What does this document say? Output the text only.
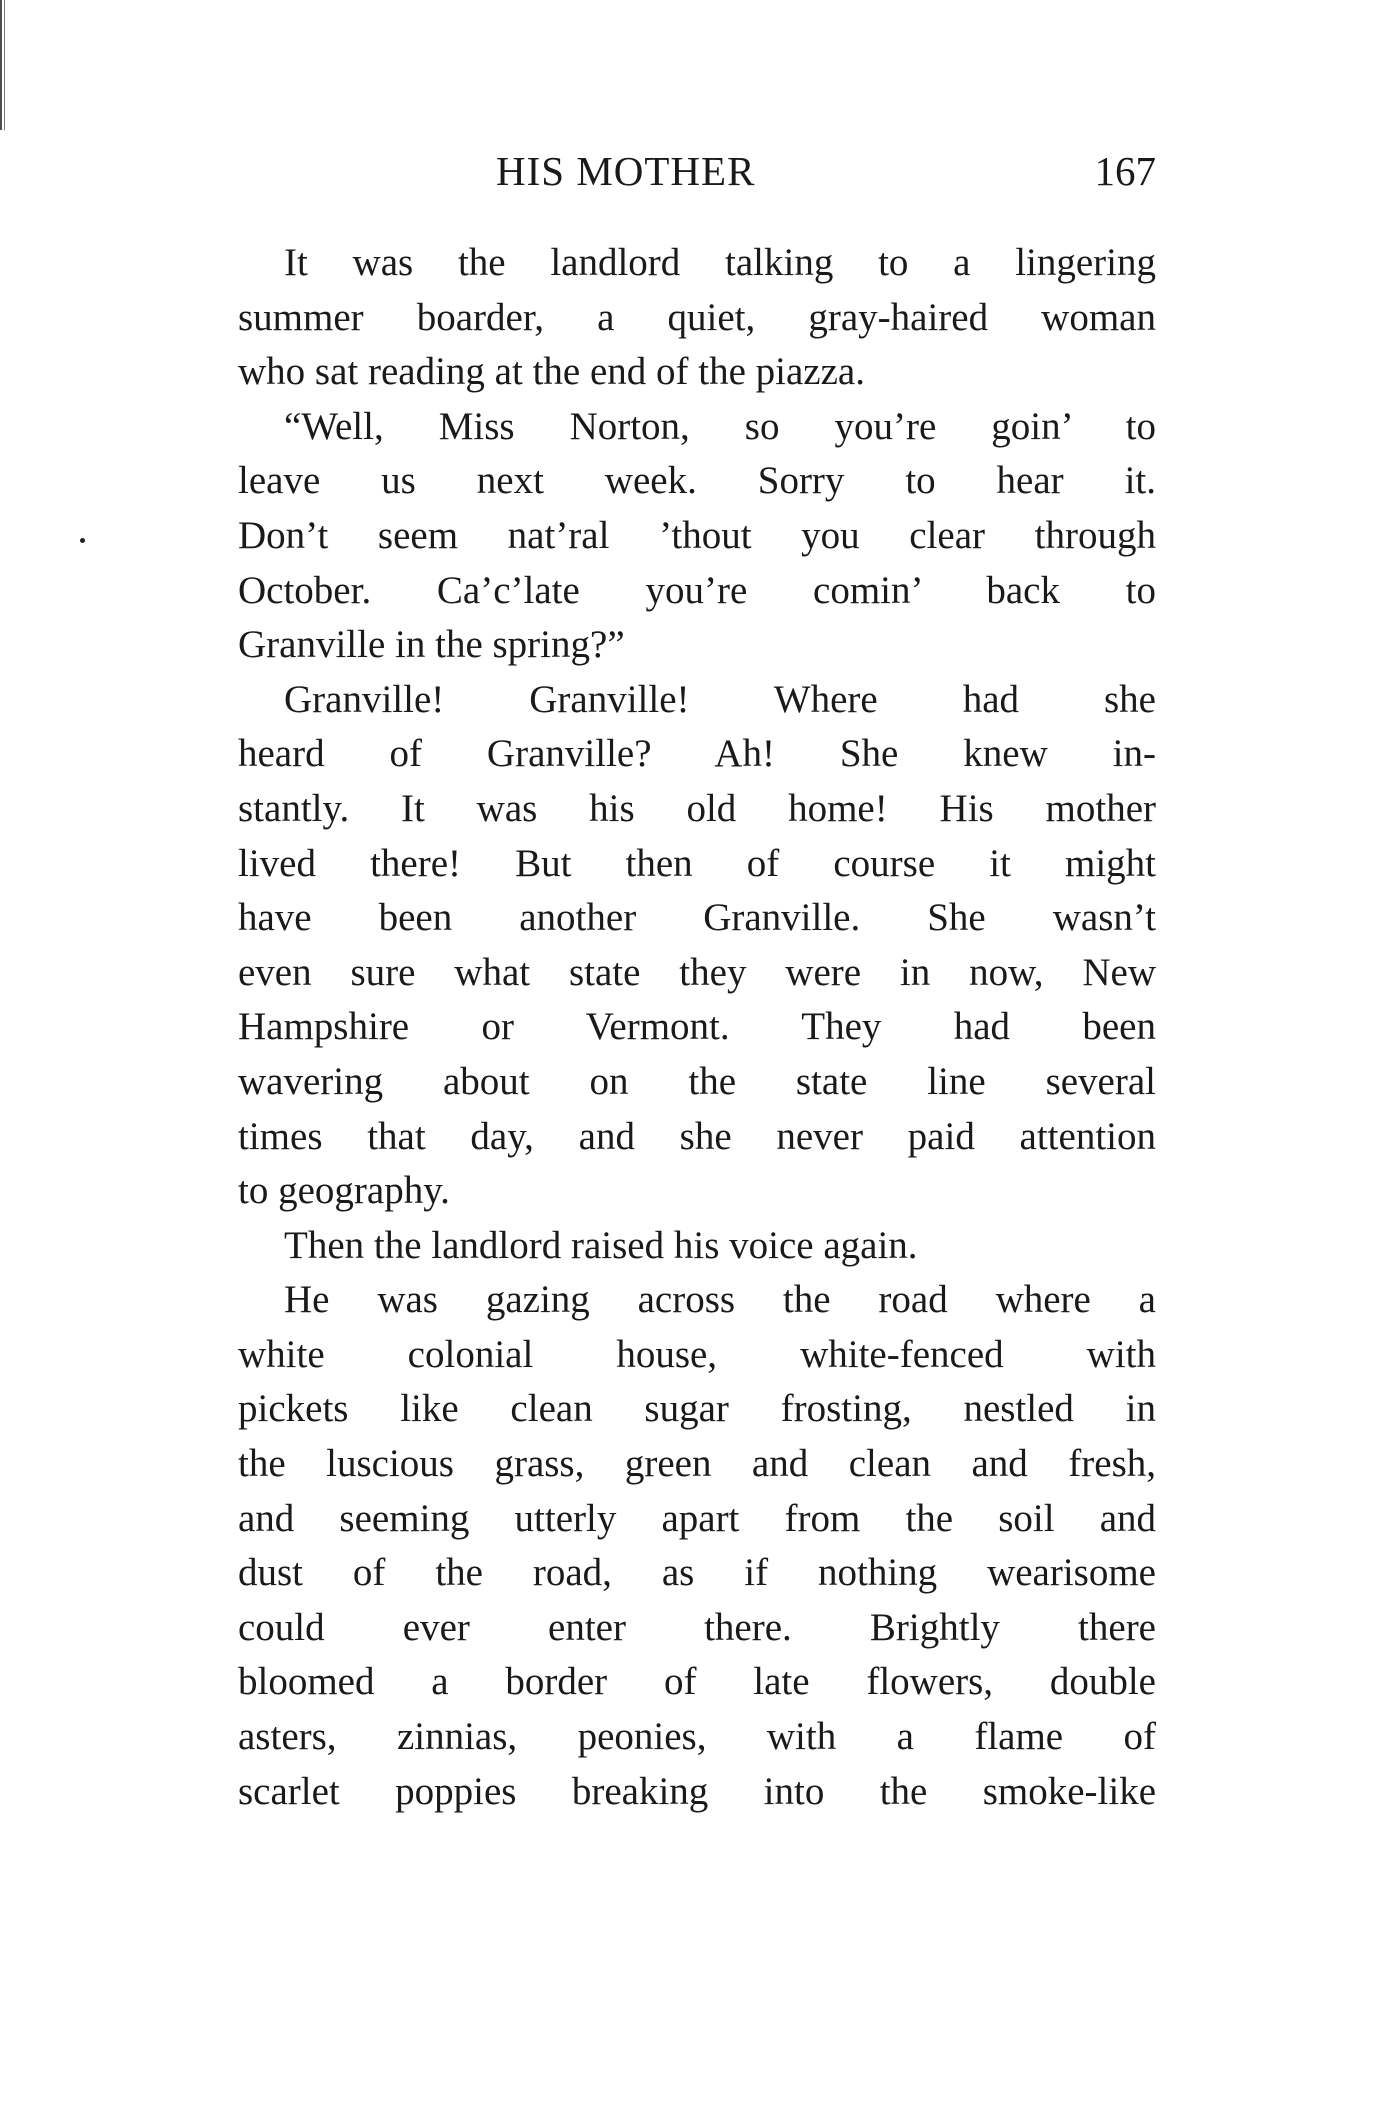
HIS MOTHER	167
It was the landlord talking to a lingering
summer boarder, a quiet, gray-haired woman
who sat reading at the end of the piazza.
“Well, Miss Norton, so you’re goin’ to
leave us next week. Sorry to hear it.
Don’t seem nat’ral ’thout you clear through
October. Ca’c’late you’re comin’ back to
Granville in the spring?”
Granville! Granville! Where had she
heard of Granville? Ah! She knew in-
stantly. It was his old home! His mother
lived there! But then of course it might
have been another Granville. She wasn’t
even sure what state they were in now, New
Hampshire or Vermont. They had been
wavering about on the state line several
times that day, and she never paid attention
to geography.
Then the landlord raised his voice again.
He was gazing across the road where a
white colonial house, white-fenced with
pickets like clean sugar frosting, nestled in
the luscious grass, green and clean and fresh,
and seeming utterly apart from the soil and
dust of the road, as if nothing wearisome
could ever enter there. Brightly there
bloomed a border of late flowers, double
asters, zinnias, peonies, with a flame of
scarlet poppies breaking into the smoke-like
